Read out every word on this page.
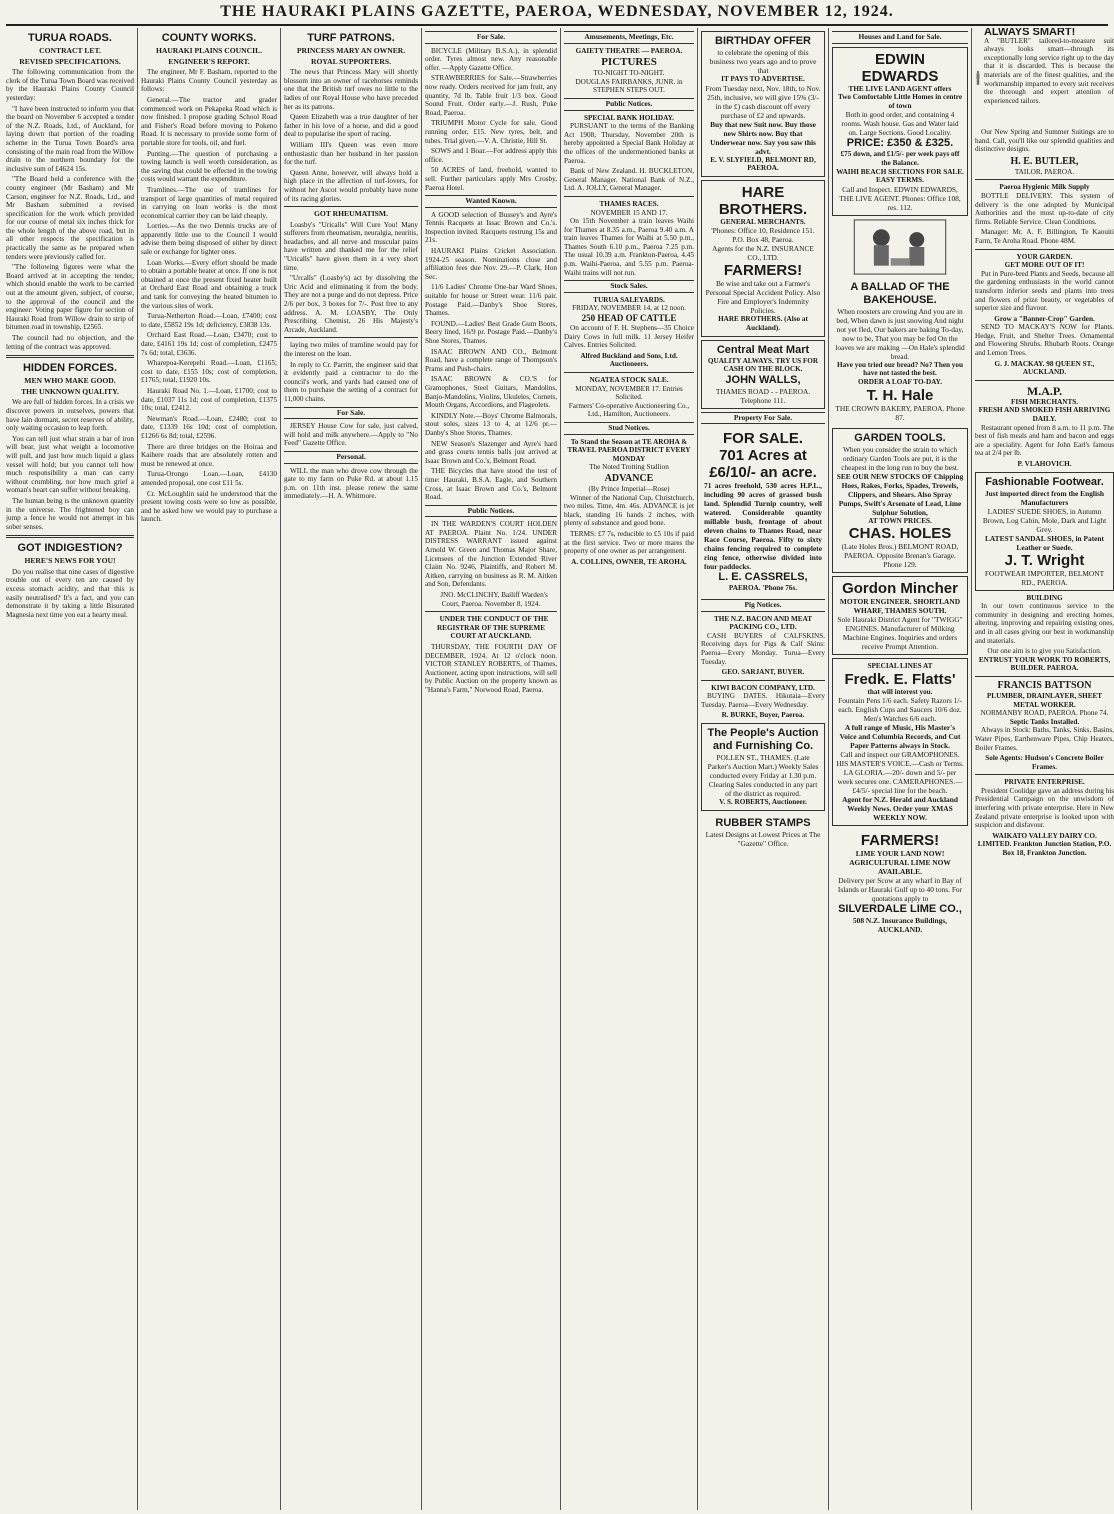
THE HAURAKI PLAINS GAZETTE, PAEROA, WEDNESDAY, NOVEMBER 12, 1924.
TURUA ROADS.
CONTRACT LET.
REVISED SPECIFICATIONS.

The following communication from the clerk of the Turua Town Board was received by the Hauraki Plains County Council yesterday:

"I have been instructed to inform you that the board on November 6 accepted a tender of the N.Z. Roads, Ltd., of Auckland, for laying down that portion of the roading scheme in the Turua Town Board's area consisting of the main road from the Willow drain to the northern boundary for the inclusive sum of £4624 15s.

"The Board held a conference with the county engineer (Mr Basham) and Mr Carson, engineer for N.Z. Roads, Ltd., and Mr Basham submitted a revised specification for the work which provided for our course of metal six inches thick for the whole length of the above road, but in all other respects the specification is practically the same as he prepared when tenders were previously called for.

"The following figures were what the Board arrived at in accepting the tender, which should enable the work to be carried out at the amount given, subject, of course, to the approval of the council and the engineer: Voting paper figure for section of Hauraki Road from Willow drain to strip of bitumen road in township, £2565.

The council had no objection, and the letting of the contract was approved.

HIDDEN FORCES.
MEN WHO MAKE GOOD.
THE UNKNOWN QUALITY.

We are full of hidden forces. In a crisis we discover powers in ourselves, powers that have lain dormant, secret reserves of ability, only waiting occasion to leap forth.

You can tell just what strain a bar of iron will bear, just what weight a locomotive will pull, and just how much liquid a glass vessel will hold; but you cannot tell how much responsibility a man can carry without crumbling, nor how much grief a woman's heart can suffer without breaking.

The human being is the unknown quantity in the universe. The frightened boy can jump a fence he would not attempt in his sober senses.

GOT INDIGESTION?
HERE'S NEWS FOR YOU!

Do you realise that nine cases of digestive trouble out of every ten are caused by excess stomach acidity, and that this is easily neutralised? It's a fact, and you can demonstrate it by taking a little Bisurated Magnesia next time you eat a hearty meal.

COUNTY WORKS.
HAURAKI PLAINS COUNCIL.
ENGINEER'S REPORT.

The engineer, Mr F. Basham, reported to the Hauraki Plains County Council yesterday as follows:

General.—The tractor and grader commenced work on Pekapeka Road which is now finished. I propose grading School Road and Fisher's Road before moving to Pokeno Road. It is necessary to provide some form of portable store for tools, oil, and fuel.

Punting.—The question of purchasing a towing launch is well worth consideration, as the saving that could be effected in the towing costs would warrant the expenditure.

Tramlines.—The use of tramlines for transport of large quantities of metal required in carrying on loan works is the most economical carrier they can be laid cheaply.

Lorries.—As the two Dennis trucks are of apparently little use to the Council I would advise them being disposed of either by direct sale or exchange for lighter ones.

Loan Works.—Every effort should be made to obtain a portable heater at once. If one is not obtained at once the present fixed heater built at Orchard East Road and obtaining a truck and tank for conveying the heated bitumen to the various sites of work.

Turua-Netherton Road.—Loan, £7400; cost to date, £5852 19s 1d; deficiency, £3838 13s.

Orchard East Road.—Loan, £3470; cost to date, £4161 19s 1d; cost of completion, £2475 7s 6d; total, £3636.

Wharepoa-Kerepehi Road.—Loan, £1165; cost to date, £155 10s; cost of completion, £1765; total, £1920 10s.

Hauraki Road No. 1.—Loan, £1700; cost to date, £1037 11s 1d; cost of completion, £1375 10s; total, £2412.

Newman's Road.—Loan, £2480; cost to date, £1339 16s 10d; cost of completion, £1266 6s 8d; total, £2596.

There are three bridges on the Hoiraa and Kaihere roads that are absolutely rotten and must be renewed at once.

Turua-Orongo Loan.—Loan, £4130 amended proposal, one cost £11 5s.

Cr. McLoughlin said he understood that the present towing costs were so low as possible, and he asked how we would pay to purchase a launch.

TURF PATRONS.
PRINCESS MARY AN OWNER.
ROYAL SUPPORTERS.

The news that Princess Mary will shortly blossom into an owner of racehorses reminds one that the British turf owes no little to the ladies of our Royal House who have preceded her as its patrons.

Queen Elizabeth was a true daughter of her father in his love of a horse, and did a good deal to popularise the sport of racing.

William III's Queen was even more enthusiastic than her husband in her passion for the turf.

Queen Anne, however, will always hold a high place in the affection of turf-lovers, for without her Ascot would probably have none of its racing glories.

GOT RHEUMATISM.

Loasby's "Uricalls" Will Cure You! Many sufferers from rheumatism, neuralgia, neuritis, headaches, and all nerve and muscular pains have written and thanked me for the relief "Uricalls" have given them in a very short time.

"Urcalls" (Loasby's) act by dissolving the Uric Acid and eliminating it from the body. They are not a purge and do not depress. Price 2/6 per box, 3 boxes for 7/-. Post free to any address. A. M. LOASBY, The Only Prescribing Chemist, 26 His Majesty's Arcade, Auckland.

laying two miles of tramline would pay for the interest on the loan.

In reply to Cr. Parritt, the engineer said that it evidently paid a contractor to do the council's work, and yards had caused one of them to purchase the setting of a contract for 11,000 chains.

For Sale.

JERSEY House Cow for sale, just calved, will hold and milk anywhere.—Apply to "No Feed" Gazette Office.

Personal.

WILL the man who drove cow through the gate to my farm on Puke Rd. at about 1.15 p.m. on 11th inst. please renew the same immediately.—H. A. Whitmore.

For Sale.

BICYCLE (Military B.S.A.), in splendid order. Tyres almost new. Any reasonable offer. —Apply Gazette Office.

STRAWBERRIES for Sale.—Strawberries now ready. Orders received for jam fruit, any quantity, 7d lb. Table fruit 1/3 box. Good Sound Fruit. Order early.—J. Rush, Puke Road, Paeroa.

TRIUMPH Motor Cycle for sale. Good running order, £15. New tyres, belt, and tubes. Trial given.—V. A. Christie, Hill St.

SOWS and 1 Boar.—For address apply this office.

50 ACRES of land, freehold, wanted to sell. Further particulars apply Mrs Crosby, Paeroa Hotel.

Wanted Known.

A GOOD selection of Bussey's and Ayre's Tennis Racquets at Issac Brown and Co.'s. Inspection invited. Racquets restrung 15s and 21s.

HAURAKI Plains Cricket Association. 1924-25 season. Nominations close and affiliation fees due Nov. 29.—P. Clark, Hon Sec.

11/6 Ladies' Chrome One-bar Ward Shoes, suitable for house or Street wear. 11/6 pair. Postage Paid.—Danby's Shoe Stores, Thames.

FOUND.—Ladies' Best Grade Gum Boots, Beery lined, 16/9 pr. Postage Paid.—Danby's Shoe Stores, Thames.

ISAAC BROWN AND CO., Belmont Road, have a complete range of Thompson's Prams and Push-chairs.

ISAAC BROWN & CO.'S for Gramophones, Steel Guitars, Mandolins, Banjo-Mandolins, Violins, Ukuleles, Cornets, Mouth Organs, Accordions, and Flageolets.

KINDLY Note.—Boys' Chrome Balmorals, stout soles, sizes 13 to 4, at 12/6 pr.—Danby's Shoe Stores, Thames.

NEW Season's Slazenger and Ayre's hard and grass courts tennis balls just arrived at Isaac Brown and Co.'s, Belmont Road.

THE Bicycles that have stood the test of time: Hauraki, B.S.A. Eagle, and Southern Cross, at Isaac Brown and Co.'s, Belmont Road.

Public Notices.

IN THE WARDEN'S COURT HOLDEN AT PAEROA. Plaint No. 1/24. UNDER DISTRESS WARRANT issued against Arnold W. Green and Thomas Major Share, Licensees of the Junction Extended River Claim No. 9246, Plaintiffs, and Robert M. Aitken, carrying on business as R. M. Aitken and Son, Defendants.

JNO. McCLINCHY, Bailiff Warden's Court, Paeroa. November 8, 1924.

UNDER THE CONDUCT OF THE REGISTRAR OF THE SUPREME COURT AT AUCKLAND.

THURSDAY, THE FOURTH DAY OF DECEMBER, 1924. At 12 o'clock noon. VICTOR STANLEY ROBERTS, of Thames, Auctioneer, acting upon instructions, will sell by Public Auction on the property known as "Hanna's Farm," Norwood Road, Paeroa.

Amusements, Meetings, Etc.
GAIETY THEATRE — PAEROA.
PICTURES
TO-NIGHT TO-NIGHT.
DOUGLAS FAIRBANKS, JUNR. in STEPHEN STEPS OUT.
Public Notices.
SPECIAL BANK HOLIDAY.

PURSUANT to the terms of the Banking Act 1908, Thursday, November 20th is hereby appointed a Special Bank Holiday at the offices of the undermentioned banks at Paeroa.

Bank of New Zealand. H. BUCKLETON, General Manager. National Bank of N.Z., Ltd. A. JOLLY, General Manager.

THAMES RACES.
NOVEMBER 15 AND 17.

On 15th November a train leaves Waihi for Thames at 8.35 a.m., Paeroa 9.40 a.m. A train leaves Thames for Waihi at 5.50 p.m., Thames South 6.10 p.m., Paeroa 7.25 p.m. The usual 10.39 a.m. Frankton-Paeroa, 4.45 p.m. Waihi-Paeroa, and 5.55 p.m. Paeroa-Waihi trains will not run.

Stock Sales.
TURUA SALEYARDS.
FRIDAY, NOVEMBER 14, at 12 noon.
250 HEAD OF CATTLE

On account of F. H. Stephens—35 Choice Dairy Cows in full milk. 11 Jersey Heifer Calves. Entries Solicited.

Alfred Buckland and Sons, Ltd. Auctioneers.
NGATEA STOCK SALE.
MONDAY, NOVEMBER 17. Entries Solicited.
Farmers' Co-operative Auctioneering Co., Ltd., Hamilton, Auctioneers.
Stud Notices.
To Stand the Season at TE AROHA & TRAVEL PAEROA DISTRICT EVERY MONDAY
The Noted Trotting Stallion
ADVANCE
(By Prince Imperial—Rose)

Winner of the National Cup, Christchurch, two miles. Time, 4m. 46s. ADVANCE is jet black, standing 16 hands 2 inches, with plenty of substance and good bone.

TERMS: £7 7s, reducible to £5 10s if paid at the first service. Two or more mares the property of one owner as per arrangement.

A. COLLINS, OWNER, TE AROHA.
BIRTHDAY OFFER
to celebrate the opening of this business two years ago and to prove that
IT PAYS TO ADVERTISE.
From Tuesday next, Nov. 18th, to Nov. 25th, inclusive, we will give 15% (3/- in the £) cash discount off every purchase of £2 and upwards.
Buy that new Suit now. Buy those new Shirts now. Buy that Underwear now. Say you saw this advt.
E. V. SLYFIELD, BELMONT RD, PAEROA.
HARE BROTHERS.
GENERAL MERCHANTS.
'Phones: Office 10, Residence 151. P.O. Box 48, Paeroa.
Agents for the N.Z. INSURANCE CO., LTD.
FARMERS!
Be wise and take out a Farmer's Personal Special Accident Policy. Also Fire and Employer's Indemnity Policies.
HARE BROTHERS. (Also at Auckland).
Central Meat Mart
QUALITY ALWAYS. TRY US FOR CASH ON THE BLOCK.
JOHN WALLS,
THAMES ROAD - - PAEROA. Telephone 111.
Property For Sale.
FOR SALE.
701 Acres at £6/10/- an acre.
71 acres freehold, 530 acres H.P.L., including 90 acres of grassed bush land. Splendid Turnip country, well watered. Considerable quantity millable bush, frontage of about eleven chains to Thames Road, near Race Course, Paeroa. Fifty to sixty chains fencing required to complete ring fence, otherwise divided into four paddocks.
L. E. CASSRELS,
PAEROA. 'Phone 76s.
Pig Notices.
THE N.Z. BACON AND MEAT PACKING CO., LTD.

CASH BUYERS of CALFSKINS. Receiving days for Pigs & Calf Skins: Paeroa—Every Monday. Turua—Every Tuesday.

GEO. SARJANT, BUYER.
KIWI BACON COMPANY, LTD.

BUYING DATES. Hikutaia—Every Tuesday. Paeroa—Every Wednesday.

R. BURKE, Buyer, Paeroa.
The People's Auction and Furnishing Co.
POLLEN ST., THAMES. (Late Parker's Auction Mart.) Weekly Sales conducted every Friday at 1.30 p.m. Clearing Sales conducted in any part of the district as required.
V. S. ROBERTS, Auctioneer.
RUBBER STAMPS
Latest Designs at Lowest Prices at The "Gazette" Office.
Houses and Land for Sale.
EDWIN EDWARDS
THE LIVE LAND AGENT offers
Two Comfortable Little Homes in centre of town
Both in good order, and containing 4 rooms. Wash house. Gas and Water laid on. Large Sections. Good Locality.
PRICE: £350 & £325.
£75 down, and £1/5/- per week pays off the Balance.
WAIHI BEACH SECTIONS FOR SALE. EASY TERMS.
Call and Inspect. EDWIN EDWARDS, THE LIVE AGENT. Phones: Office 108, res. 112.
A BALLAD OF THE BAKEHOUSE.
When roosters are crowing And you are in bed, When dawn is just snowing And night not yet fled, Our bakers are baking To-day, now to be, That you may be fed On the loaves we are making —On Hale's splendid bread.
Have you tried our bread? No? Then you have not tasted the best.
ORDER A LOAF TO-DAY.
T. H. Hale
THE CROWN BAKERY, PAEROA. Phone 87.
GARDEN TOOLS.
When you consider the strain to which ordinary Garden Tools are put, it is the cheapest in the long run to buy the best.
SEE OUR NEW STOCKS OF Chipping Hoes, Rakes, Forks, Spades, Trowels, Clippers, and Shears. Also Spray Pumps, Swift's Arsenate of Lead, Lime Sulphur Solution,
AT TOWN PRICES.
CHAS. HOLES
(Late Holes Bros.) BELMONT ROAD, PAEROA. Opposite Brenan's Garage. Phone 129.
Gordon Mincher
MOTOR ENGINEER. SHORTLAND WHARF, THAMES SOUTH.
Sole Hauraki District Agent for "TWIGG" ENGINES. Manufacturer of Milking Machine Engines. Inquiries and orders receive Prompt Attention.
SPECIAL LINES AT
Fredk. E. Flatts'
that will interest you.
Fountain Pens 1/6 each. Safety Razors 1/- each. English Cups and Saucers 10/6 doz. Men's Watches 6/6 each.
A full range of Music, His Master's Voice and Columbia Records, and Cut Paper Patterns always in Stock.
Call and inspect our GRAMOPHONES. HIS MASTER'S VOICE.—Cash or Terms. LA GLORIA.—20/- down and 5/- per week secures one. CAMERAPHONES.—£4/5/- special line for the beach.
Agent for N.Z. Herald and Auckland Weekly News. Order your XMAS WEEKLY NOW.
FARMERS!
LIME YOUR LAND NOW! AGRICULTURAL LIME NOW AVAILABLE.
Delivery per Scow at any wharf in Bay of Islands or Hauraki Gulf up to 40 tons. For quotations apply to
SILVERDALE LIME CO.,
508 N.Z. Insurance Buildings, AUCKLAND.
ALWAYS SMART!
A "BUTLER" tailored-to-measure suit always looks smart—through its exceptionally long service right up to the day that it is discarded. This is because the materials are of the finest qualities, and the workmanship imparted to every suit receives the thorough and expert attention of experienced tailors.

Our New Spring and Summer Suitings are to hand. Call, you'll like our splendid qualities and distinctive designs.

H. E. BUTLER,
TAILOR, PAEROA.
Paeroa Hygienic Milk Supply

BOTTLE DELIVERY. This system of delivery is the one adopted by Municipal Authorities and the most up-to-date of city firms. Reliable Service. Clean Conditions.

Manager: Mr. A. F. Billington, Te Kaouiti Farm, Te Aroha Road. Phone 48M.

YOUR GARDEN.
GET MORE OUT OF IT!

Put in Pure-bred Plants and Seeds, because all the gardening enthusiasts in the world cannot transform inferior seeds and plants into trees and flowers of prize beauty, or vegetables of superior size and flavour.

Grow a "Banner-Crop" Garden.

SEND TO MACKAY'S NOW for Plants. Hedge, Fruit, and Shelter Trees. Ornamental and Flowering Shrubs. Rhubarb Roots. Orange and Lemon Trees.

G. J. MACKAY. 98 QUEEN ST., AUCKLAND.
M.A.P.
FISH MERCHANTS.
FRESH AND SMOKED FISH ARRIVING DAILY.

Restaurant opened from 8 a.m. to 11 p.m. The best of fish meals and ham and bacon and eggs are a speciality. Agent for John Earl's famous tea at 2/4 per lb.

P. VLAHOVICH.
Fashionable Footwear.
Just imported direct from the English Manufacturers
LADIES' SUEDE SHOES, in Autumn Brown, Log Cabin, Mole, Dark and Light Grey.
LATEST SANDAL SHOES, in Patent Leather or Suede.
J. T. Wright
FOOTWEAR IMPORTER, BELMONT RD., PAEROA.
BUILDING

In our town continuous service to the community in designing and erecting homes, altering, improving and repairing existing ones, and in all cases giving our best in workmanship and materials.

Our one aim is to give you Satisfaction.
ENTRUST YOUR WORK TO ROBERTS, BUILDER. PAEROA.
FRANCIS BATTSON
PLUMBER, DRAINLAYER, SHEET METAL WORKER.
NORMANBY ROAD, PAEROA. Phone 74.
Septic Tanks Installed.

Always in Stock: Baths, Tanks, Sinks, Basins, Water Pipes, Earthenware Pipes, Chip Heaters, Boiler Frames.

Sole Agents: Hudson's Concrete Boiler Frames.
PRIVATE ENTERPRISE.

President Coolidge gave an address during his Presidential Campaign on the unwisdom of interfering with private enterprise. Here in New Zealand private enterprise is looked upon with suspicion and disfavour.

WAIKATO VALLEY DAIRY CO. LIMITED. Frankton Junction Station, P.O. Box 18, Frankton Junction.
